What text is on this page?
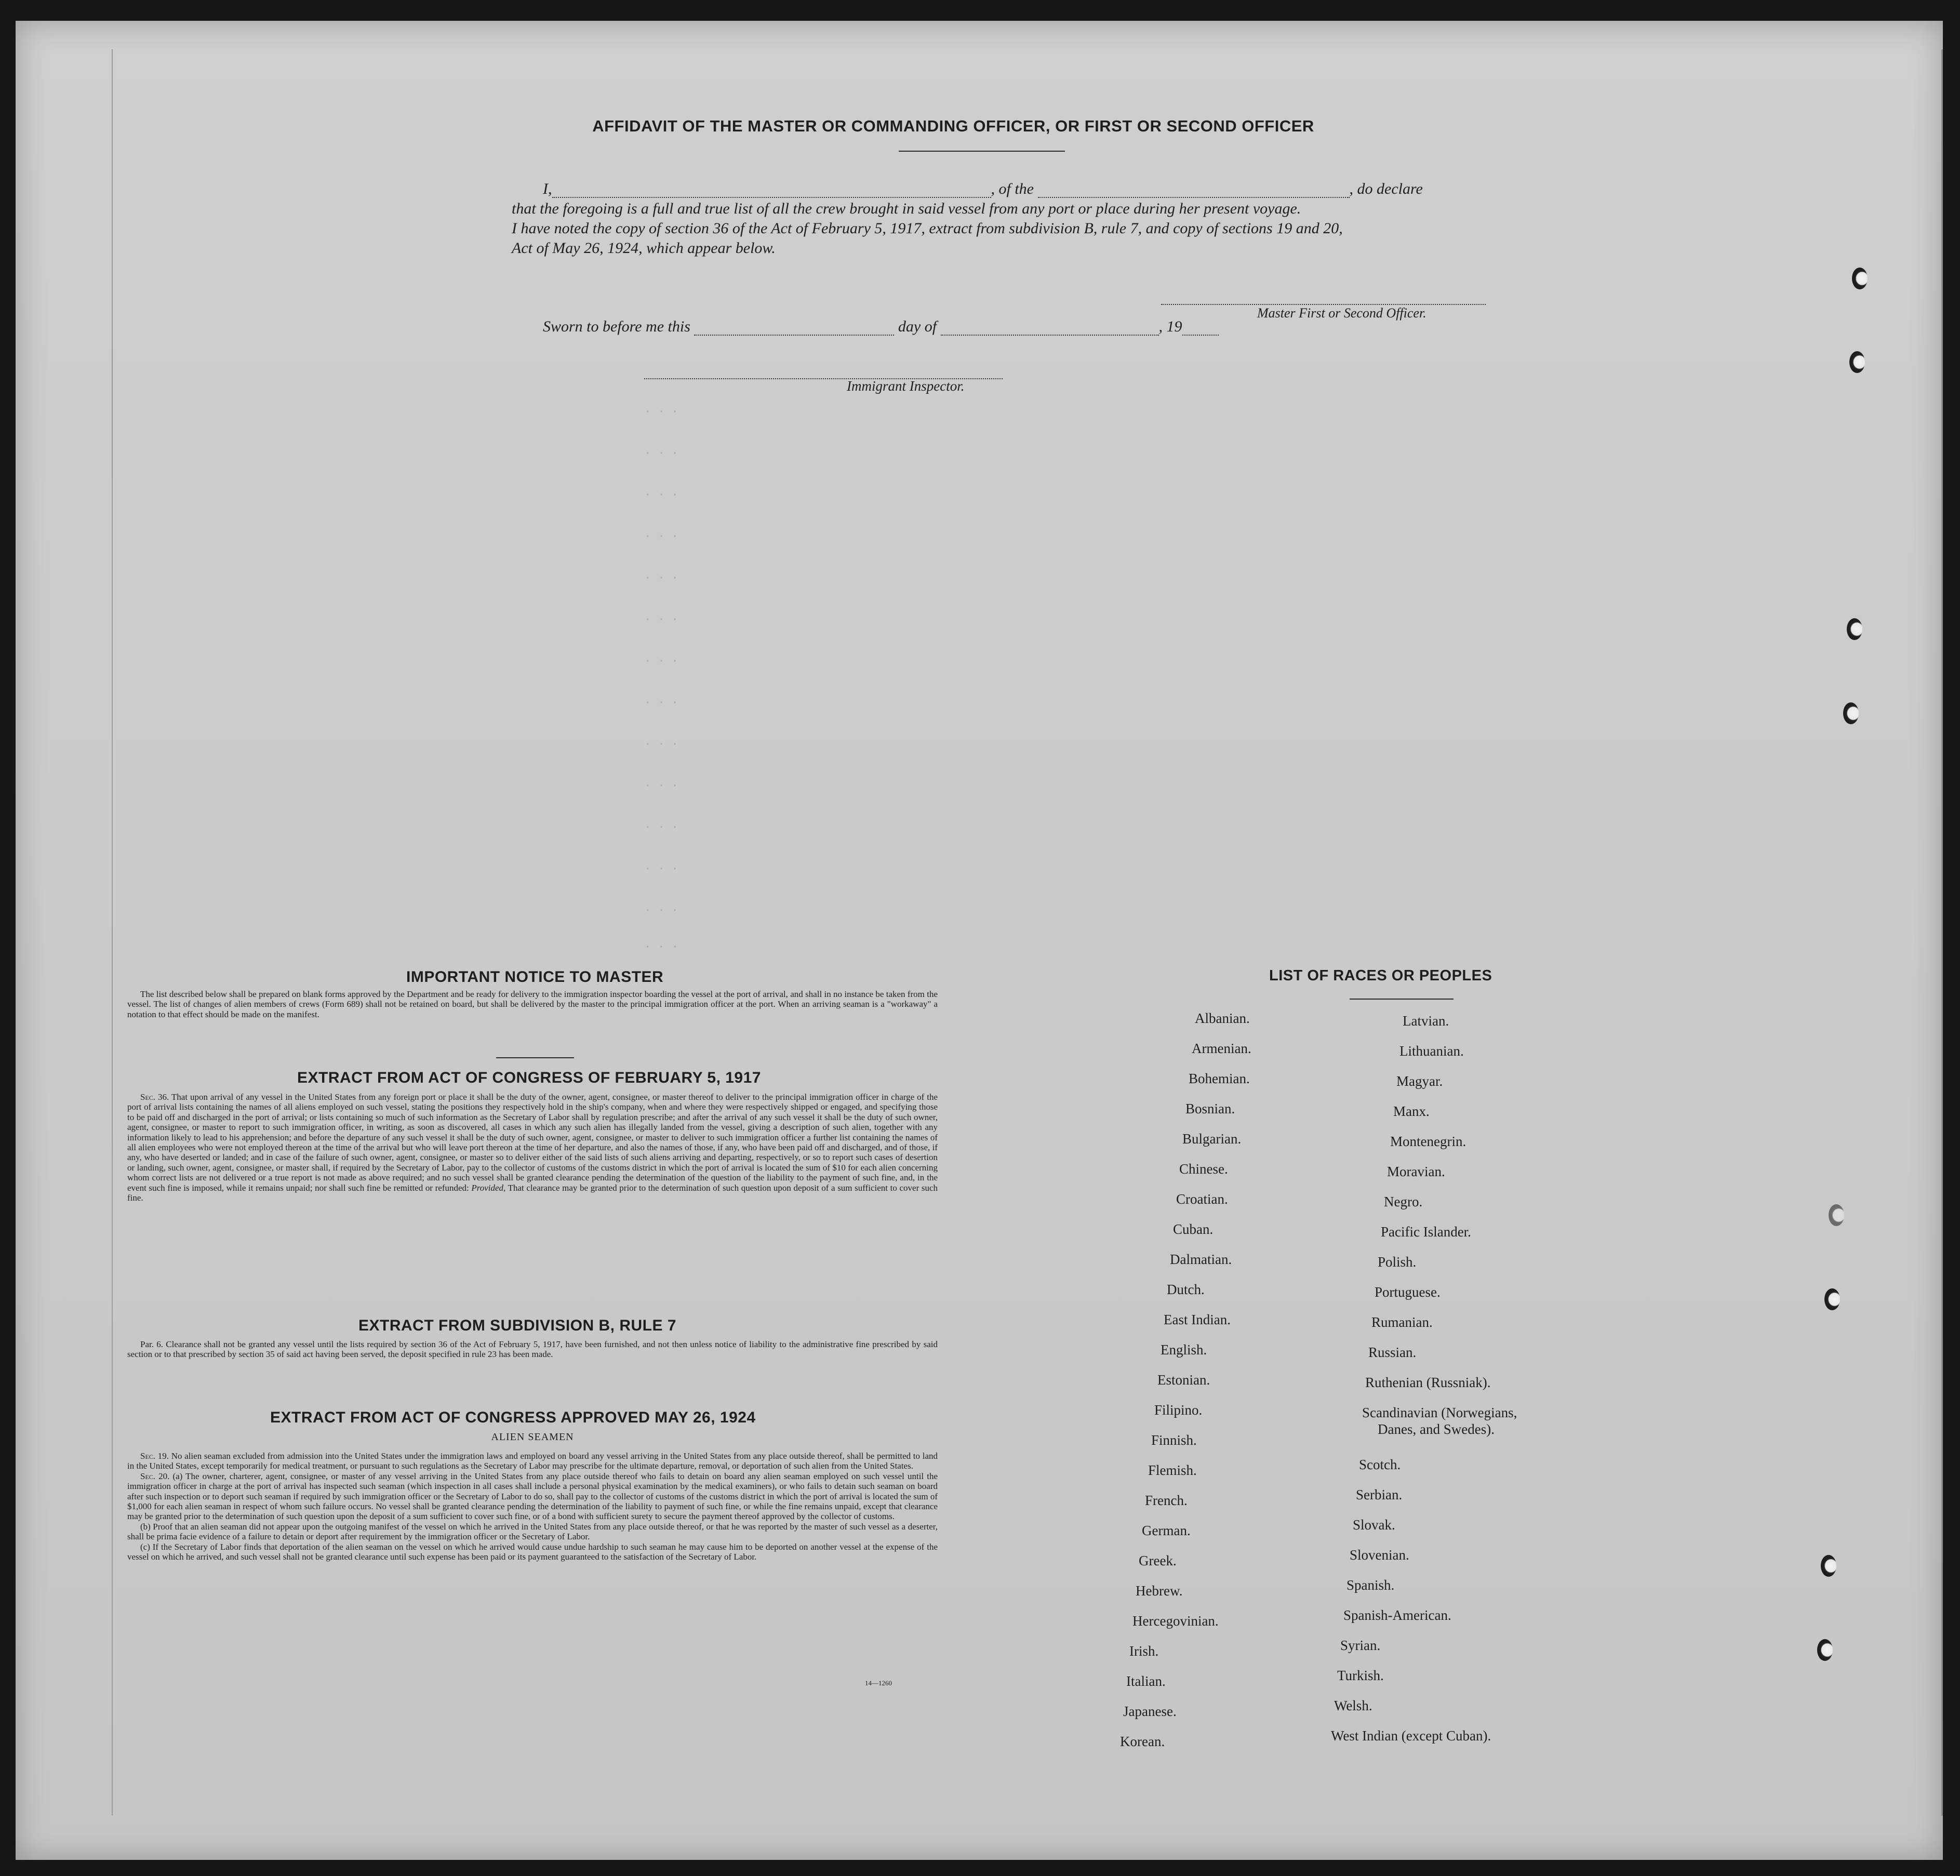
AFFIDAVIT OF THE MASTER OR COMMANDING OFFICER, OR FIRST OR SECOND OFFICER
I,	, of the	, do declare
that the foregoing is a full and true list of all the crew brought in said vessel from any port or place during her present voyage.
I have noted the copy of section 36 of the Act of February 5, 1917, extract from subdivision B, rule 7, and copy of sections 19 and 20,
Act of May 26, 1924, which appear below.
Master First or Second Officer.
Sworn to before me this	day of	, 19
Immigrant Inspector.
· · ·
· · ·
· · ·
· · ·
· · ·
· · ·
· · ·
· · ·
· · ·
· · ·
· · ·
· · ·
· · ·
· · ·
IMPORTANT NOTICE TO MASTER

The list described below shall be prepared on blank forms approved by the Department and be ready for delivery to the immigration inspector boarding the vessel at the port of arrival, and shall in no instance be taken from the vessel. The list of changes of alien members of crews (Form 689) shall not be retained on board, but shall be delivered by the master to the principal immigration officer at the port. When an arriving seaman is a "workaway" a notation to that effect should be made on the manifest.

EXTRACT FROM ACT OF CONGRESS OF FEBRUARY 5, 1917

Sec. 36. That upon arrival of any vessel in the United States from any foreign port or place it shall be the duty of the owner, agent, consignee, or master thereof to deliver to the principal immigration officer in charge of the port of arrival lists containing the names of all aliens employed on such vessel, stating the positions they respectively hold in the ship's company, when and where they were respectively shipped or engaged, and specifying those to be paid off and discharged in the port of arrival; or lists containing so much of such information as the Secretary of Labor shall by regulation prescribe; and after the arrival of any such vessel it shall be the duty of such owner, agent, consignee, or master to report to such immigration officer, in writing, as soon as discovered, all cases in which any such alien has illegally landed from the vessel, giving a description of such alien, together with any information likely to lead to his apprehension; and before the departure of any such vessel it shall be the duty of such owner, agent, consignee, or master to deliver to such immigration officer a further list containing the names of all alien employees who were not employed thereon at the time of the arrival but who will leave port thereon at the time of her departure, and also the names of those, if any, who have been paid off and discharged, and of those, if any, who have deserted or landed; and in case of the failure of such owner, agent, consignee, or master so to deliver either of the said lists of such aliens arriving and departing, respectively, or so to report such cases of desertion or landing, such owner, agent, consignee, or master shall, if required by the Secretary of Labor, pay to the collector of customs of the customs district in which the port of arrival is located the sum of $10 for each alien concerning whom correct lists are not delivered or a true report is not made as above required; and no such vessel shall be granted clearance pending the determination of the question of the liability to the payment of such fine, and, in the event such fine is imposed, while it remains unpaid; nor shall such fine be remitted or refunded: Provided, That clearance may be granted prior to the determination of such question upon deposit of a sum sufficient to cover such fine.

EXTRACT FROM SUBDIVISION B, RULE 7

Par. 6. Clearance shall not be granted any vessel until the lists required by section 36 of the Act of February 5, 1917, have been furnished, and not then unless notice of liability to the administrative fine prescribed by said section or to that prescribed by section 35 of said act having been served, the deposit specified in rule 23 has been made.

EXTRACT FROM ACT OF CONGRESS APPROVED MAY 26, 1924
ALIEN SEAMEN

Sec. 19. No alien seaman excluded from admission into the United States under the immigration laws and employed on board any vessel arriving in the United States from any place outside thereof, shall be permitted to land in the United States, except temporarily for medical treatment, or pursuant to such regulations as the Secretary of Labor may prescribe for the ultimate departure, removal, or deportation of such alien from the United States.

Sec. 20. (a) The owner, charterer, agent, consignee, or master of any vessel arriving in the United States from any place outside thereof who fails to detain on board any alien seaman employed on such vessel until the immigration officer in charge at the port of arrival has inspected such seaman (which inspection in all cases shall include a personal physical examination by the medical examiners), or who fails to detain such seaman on board after such inspection or to deport such seaman if required by such immigration officer or the Secretary of Labor to do so, shall pay to the collector of customs of the customs district in which the port of arrival is located the sum of $1,000 for each alien seaman in respect of whom such failure occurs. No vessel shall be granted clearance pending the determination of the liability to payment of such fine, or while the fine remains unpaid, except that clearance may be granted prior to the determination of such question upon the deposit of a sum sufficient to cover such fine, or of a bond with sufficient surety to secure the payment thereof approved by the collector of customs.

(b) Proof that an alien seaman did not appear upon the outgoing manifest of the vessel on which he arrived in the United States from any place outside thereof, or that he was reported by the master of such vessel as a deserter, shall be prima facie evidence of a failure to detain or deport after requirement by the immigration officer or the Secretary of Labor.

(c) If the Secretary of Labor finds that deportation of the alien seaman on the vessel on which he arrived would cause undue hardship to such seaman he may cause him to be deported on another vessel at the expense of the vessel on which he arrived, and such vessel shall not be granted clearance until such expense has been paid or its payment guaranteed to the satisfaction of the Secretary of Labor.

14—1260
LIST OF RACES OR PEOPLES
Albanian.
Armenian.
Bohemian.
Bosnian.
Bulgarian.
Chinese.
Croatian.
Cuban.
Dalmatian.
Dutch.
East Indian.
English.
Estonian.
Filipino.
Finnish.
Flemish.
French.
German.
Greek.
Hebrew.
Hercegovinian.
Irish.
Italian.
Japanese.
Korean.
Latvian.
Lithuanian.
Magyar.
Manx.
Montenegrin.
Moravian.
Negro.
Pacific Islander.
Polish.
Portuguese.
Rumanian.
Russian.
Ruthenian (Russniak).
Scandinavian (Norwegians,
Danes, and Swedes).
Scotch.
Serbian.
Slovak.
Slovenian.
Spanish.
Spanish-American.
Syrian.
Turkish.
Welsh.
West Indian (except Cuban).
